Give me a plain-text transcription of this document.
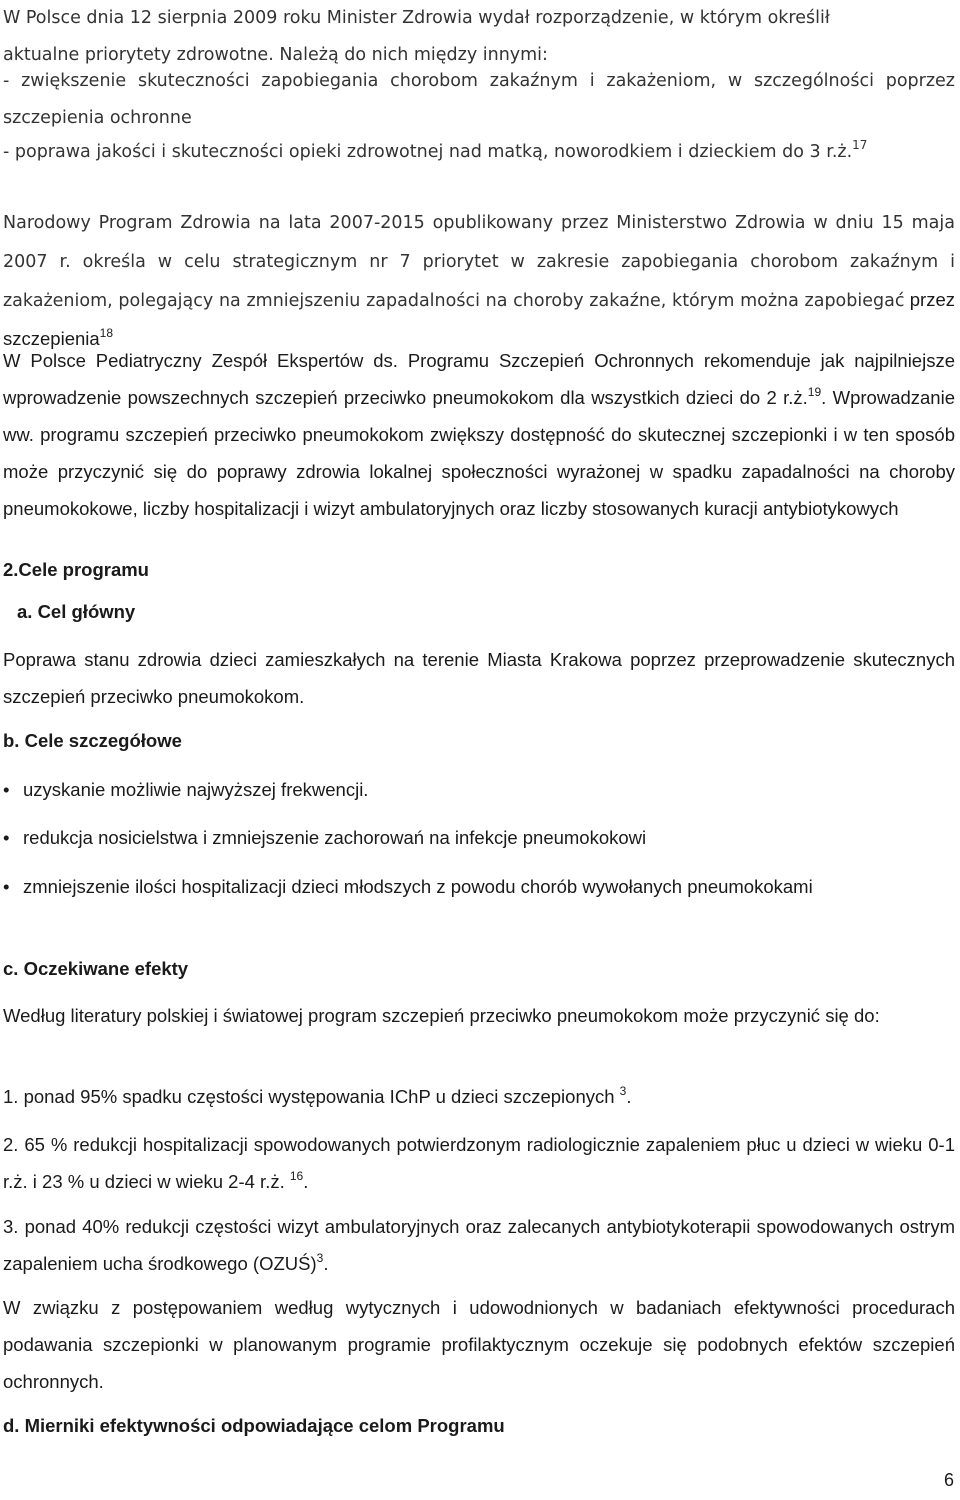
W Polsce dnia 12 sierpnia 2009 roku Minister Zdrowia wydał rozporządzenie, w którym określił
aktualne priorytety zdrowotne. Należą do nich między innymi:
- zwiększenie skuteczności zapobiegania chorobom zakaźnym i zakażeniom, w szczególności poprzez szczepienia ochronne
- poprawa jakości i skuteczności opieki zdrowotnej nad matką, noworodkiem i dzieckiem do 3 r.ż.$^{17}$
Narodowy Program Zdrowia na lata 2007-2015 opublikowany przez Ministerstwo Zdrowia w dniu 15 maja 2007 r. określa w celu strategicznym nr 7 priorytet w zakresie zapobiegania chorobom zakaźnym i zakażeniom, polegający na zmniejszeniu zapadalności na choroby zakaźne, którym można zapobiegać przez szczepienia$^{18}$
W Polsce Pediatryczny Zespół Ekspertów ds. Programu Szczepień Ochronnych rekomenduje jak najpilniejsze wprowadzenie powszechnych szczepień przeciwko pneumokokom dla wszystkich dzieci do 2 r.ż.$^{19}$. Wprowadzanie ww. programu szczepień przeciwko pneumokokom zwiększy dostępność do skutecznej szczepionki i w ten sposób może przyczynić się do poprawy zdrowia lokalnej społeczności wyrażonej w spadku zapadalności na choroby pneumokokowe, liczby hospitalizacji i wizyt ambulatoryjnych oraz liczby stosowanych kuracji antybiotykowych
2.Cele programu
a. Cel główny
Poprawa stanu zdrowia dzieci zamieszkałych na terenie Miasta Krakowa poprzez przeprowadzenie skutecznych szczepień przeciwko pneumokokom.
b. Cele szczegółowe
• uzyskanie możliwie najwyższej frekwencji.
• redukcja nosicielstwa i zmniejszenie zachorowań na infekcje pneumokokowi
• zmniejszenie ilości hospitalizacji dzieci młodszych z powodu chorób wywołanych pneumokokami
c. Oczekiwane efekty
Według literatury polskiej i światowej program szczepień przeciwko pneumokokom może przyczynić się do:
1. ponad 95% spadku częstości występowania IChP u dzieci szczepionych $^3$.
2. 65 % redukcji hospitalizacji spowodowanych potwierdzonym radiologicznie zapaleniem płuc u dzieci w wieku 0-1 r.ż. i 23 % u dzieci w wieku 2-4 r.ż. $^{16}$.
3. ponad 40% redukcji częstości wizyt ambulatoryjnych oraz zalecanych antybiotykoterapii spowodowanych ostrym zapaleniem ucha środkowego (OZUŚ)$^3$.
W związku z postępowaniem według wytycznych i udowodnionych w badaniach efektywności procedurach podawania szczepionki w planowanym programie profilaktycznym oczekuje się podobnych efektów szczepień ochronnych.
d. Mierniki efektywności odpowiadające celom Programu
6
